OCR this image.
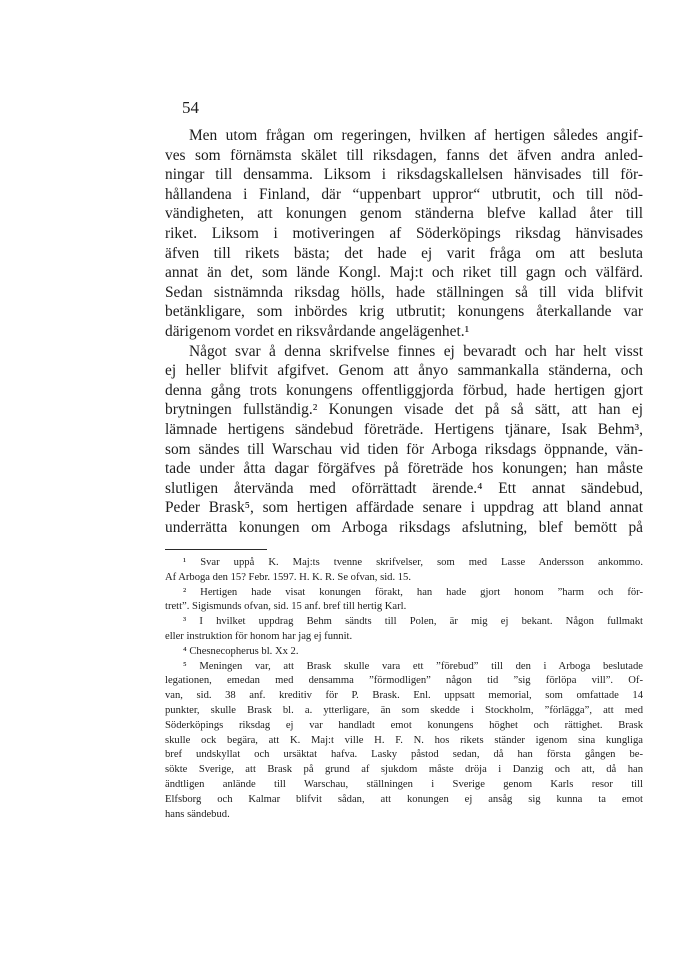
54
Men utom frågan om regeringen, hvilken af hertigen således angif-
ves som förnämsta skälet till riksdagen, fanns det äfven andra anled-
ningar till densamma. Liksom i riksdagskallelsen hänvisades till för-
hållandena i Finland, där “uppenbart uppror“ utbrutit, och till nöd-
vändigheten, att konungen genom ständerna blefve kallad åter till
riket. Liksom i motiveringen af Söderköpings riksdag hänvisades
äfven till rikets bästa; det hade ej varit fråga om att besluta
annat än det, som lände Kongl. Maj:t och riket till gagn och välfärd.
Sedan sistnämnda riksdag hölls, hade ställningen så till vida blifvit
betänkligare, som inbördes krig utbrutit; konungens återkallande var
därigenom vordet en riksvårdande angelägenhet.¹
Något svar å denna skrifvelse finnes ej bevaradt och har helt visst
ej heller blifvit afgifvet. Genom att ånyo sammankalla ständerna, och
denna gång trots konungens offentliggjorda förbud, hade hertigen gjort
brytningen fullständig.² Konungen visade det på så sätt, att han ej
lämnade hertigens sändebud företräde. Hertigens tjänare, Isak Behm³,
som sändes till Warschau vid tiden för Arboga riksdags öppnande, vän-
tade under åtta dagar förgäfves på företräde hos konungen; han måste
slutligen återvända med oförrättadt ärende.⁴ Ett annat sändebud,
Peder Brask⁵, som hertigen affärdade senare i uppdrag att bland annat
underrätta konungen om Arboga riksdags afslutning, blef bemött på
¹ Svar uppå K. Maj:ts tvenne skrifvelser, som med Lasse Andersson ankommo.
Af Arboga den 15? Febr. 1597. H. K. R. Se ofvan, sid. 15.
² Hertigen hade visat konungen förakt, han hade gjort honom ”harm och för-
trett”. Sigismunds ofvan, sid. 15 anf. bref till hertig Karl.
³ I hvilket uppdrag Behm sändts till Polen, är mig ej bekant. Någon fullmakt
eller instruktion för honom har jag ej funnit.
⁴ Chesnecopherus bl. Xx 2.
⁵ Meningen var, att Brask skulle vara ett ”förebud” till den i Arboga beslutade
legationen, emedan med densamma ”förmodligen” någon tid ”sig förlöpa vill”. Of-
van, sid. 38 anf. kreditiv för P. Brask. Enl. uppsatt memorial, som omfattade 14
punkter, skulle Brask bl. a. ytterligare, än som skedde i Stockholm, ”förlägga”, att med
Söderköpings riksdag ej var handladt emot konungens höghet och rättighet. Brask
skulle ock begära, att K. Maj:t ville H. F. N. hos rikets ständer igenom sina kungliga
bref undskyllat och ursäktat hafva. Lasky påstod sedan, då han första gången be-
sökte Sverige, att Brask på grund af sjukdom måste dröja i Danzig och att, då han
ändtligen anlände till Warschau, ställningen i Sverige genom Karls resor till
Elfsborg och Kalmar blifvit sådan, att konungen ej ansåg sig kunna ta emot
hans sändebud.
